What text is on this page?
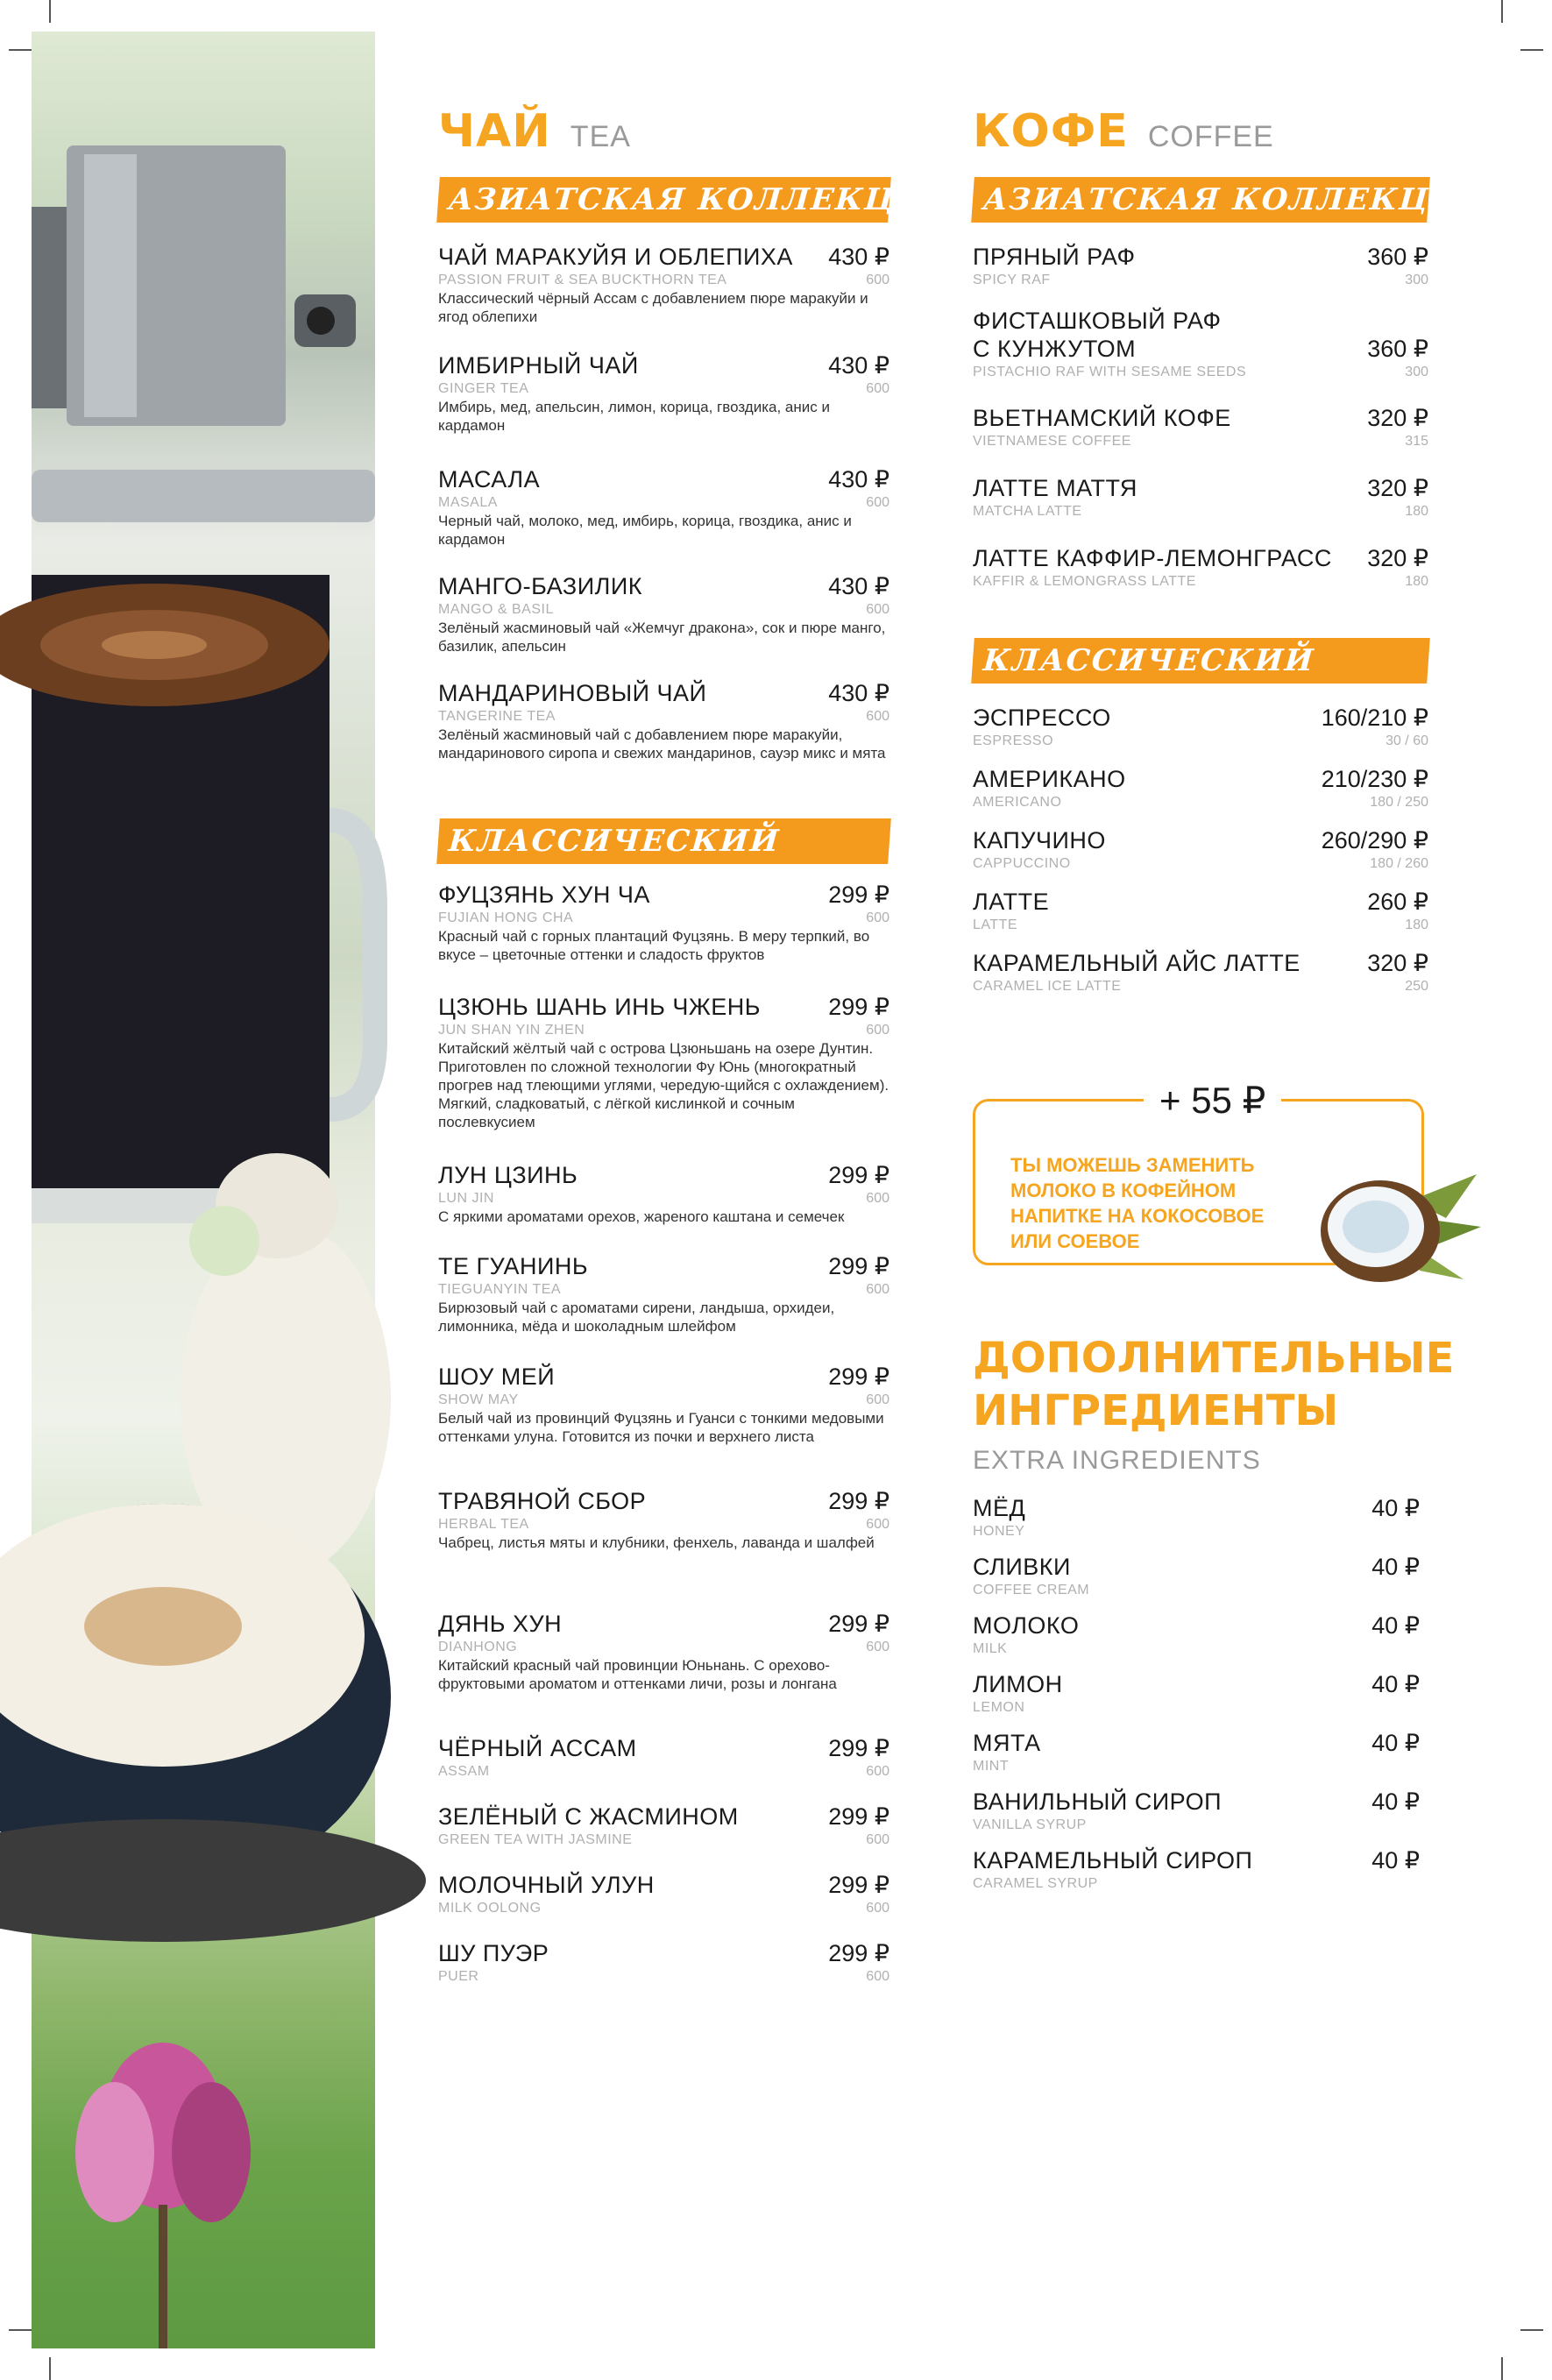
ЧАЙ TEA
АЗИАТСКАЯ КОЛЛЕКЦИЯ
ЧАЙ МАРАКУЙЯ И ОБЛЕПИХА 430 ₽
PASSION FRUIT & SEA BUCKTHORN TEA	600
Классический чёрный Ассам с добавлением пюре маракуйи и ягод облепихи
ИМБИРНЫЙ ЧАЙ	430 ₽
GINGER TEA	600
Имбирь, мед, апельсин, лимон, корица, гвоздика, анис и кардамон
МАСАЛА	430 ₽
MASALA	600
Черный чай, молоко, мед, имбирь, корица, гвоздика, анис и кардамон
МАНГО-БАЗИЛИК	430 ₽
MANGO & BASIL	600
Зелёный жасминовый чай «Жемчуг дракона», сок и пюре манго, базилик, апельсин
МАНДАРИНОВЫЙ ЧАЙ	430 ₽
TANGERINE TEA	600
Зелёный жасминовый чай с добавлением пюре маракуйи, мандаринового сиропа и свежих мандаринов, сауэр микс и мята
КЛАССИЧЕСКИЙ
ФУЦЗЯНЬ ХУН ЧА	299 ₽
FUJIAN HONG CHA	600
Красный чай с горных плантаций Фуцзянь. В меру терпкий, во вкусе – цветочные оттенки и сладость фруктов
ЦЗЮНЬ ШАНЬ ИНЬ ЧЖЕНЬ	299 ₽
JUN SHAN YIN ZHEN	600
Китайский жёлтый чай с острова Цзюньшань на озере Дунтин. Приготовлен по сложной технологии Фу Юнь (многократный прогрев над тлеющими углями, чередую-щийся с охлаждением). Мягкий, сладковатый, с лёгкой кислинкой и сочным послевкусием
ЛУН ЦЗИНЬ	299 ₽
LUN JIN	600
С яркими ароматами орехов, жареного каштана и семечек
ТЕ ГУАНИНЬ	299 ₽
TIEGUANYIN TEA	600
Бирюзовый чай с ароматами сирени, ландыша, орхидеи, лимонника, мёда и шоколадным шлейфом
ШОУ МЕЙ	299 ₽
SHOW MAY	600
Белый чай из провинций Фуцзянь и Гуанси с тонкими медовыми оттенками улуна. Готовится из почки и верхнего листа
ТРАВЯНОЙ СБОР	299 ₽
HERBAL TEA	600
Чабрец, листья мяты и клубники, фенхель, лаванда и шалфей
ДЯНЬ ХУН	299 ₽
DIANHONG	600
Китайский красный чай провинции Юньнань. С орехово-фруктовыми ароматом и оттенками личи, розы и лонгана
ЧЁРНЫЙ АССАМ	299 ₽
ASSAM	600
ЗЕЛЁНЫЙ С ЖАСМИНОМ	299 ₽
GREEN TEA WITH JASMINE	600
МОЛОЧНЫЙ УЛУН	299 ₽
MILK OOLONG	600
ШУ ПУЭР	299 ₽
PUER	600
КОФЕ COFFEE
АЗИАТСКАЯ КОЛЛЕКЦИЯ
ПРЯНЫЙ РАФ	360 ₽
SPICY RAF	300
ФИСТАШКОВЫЙ РАФ С КУНЖУТОМ	360 ₽
PISTACHIO RAF WITH SESAME SEEDS	300
ВЬЕТНАМСКИЙ КОФЕ	320 ₽
VIETNAMESE COFFEE	315
ЛАТТЕ МАТТЯ	320 ₽
MATCHA LATTE	180
ЛАТТЕ КАФФИР-ЛЕМОНГРАСС 320 ₽
KAFFIR & LEMONGRASS LATTE	180
КЛАССИЧЕСКИЙ
ЭСПРЕССО	160/210 ₽
ESPRESSO	30 / 60
АМЕРИКАНО	210/230 ₽
AMERICANO	180 / 250
КАПУЧИНО	260/290 ₽
CAPPUCCINO	180 / 260
ЛАТТЕ	260 ₽
LATTE	180
КАРАМЕЛЬНЫЙ АЙС ЛАТТЕ	320 ₽
CARAMEL ICE LATTE	250
+ 55 ₽
ТЫ МОЖЕШЬ ЗАМЕНИТЬ МОЛОКО В КОФЕЙНОМ НАПИТКЕ НА КОКОСОВОЕ ИЛИ СОЕВОЕ
ДОПОЛНИТЕЛЬНЫЕ ИНГРЕДИЕНТЫ
EXTRA INGREDIENTS
МЁД	40 ₽
HONEY
СЛИВКИ	40 ₽
COFFEE CREAM
МОЛОКО	40 ₽
MILK
ЛИМОН	40 ₽
LEMON
МЯТА	40 ₽
MINT
ВАНИЛЬНЫЙ СИРОП	40 ₽
VANILLA SYRUP
КАРАМЕЛЬНЫЙ СИРОП	40 ₽
CARAMEL SYRUP
